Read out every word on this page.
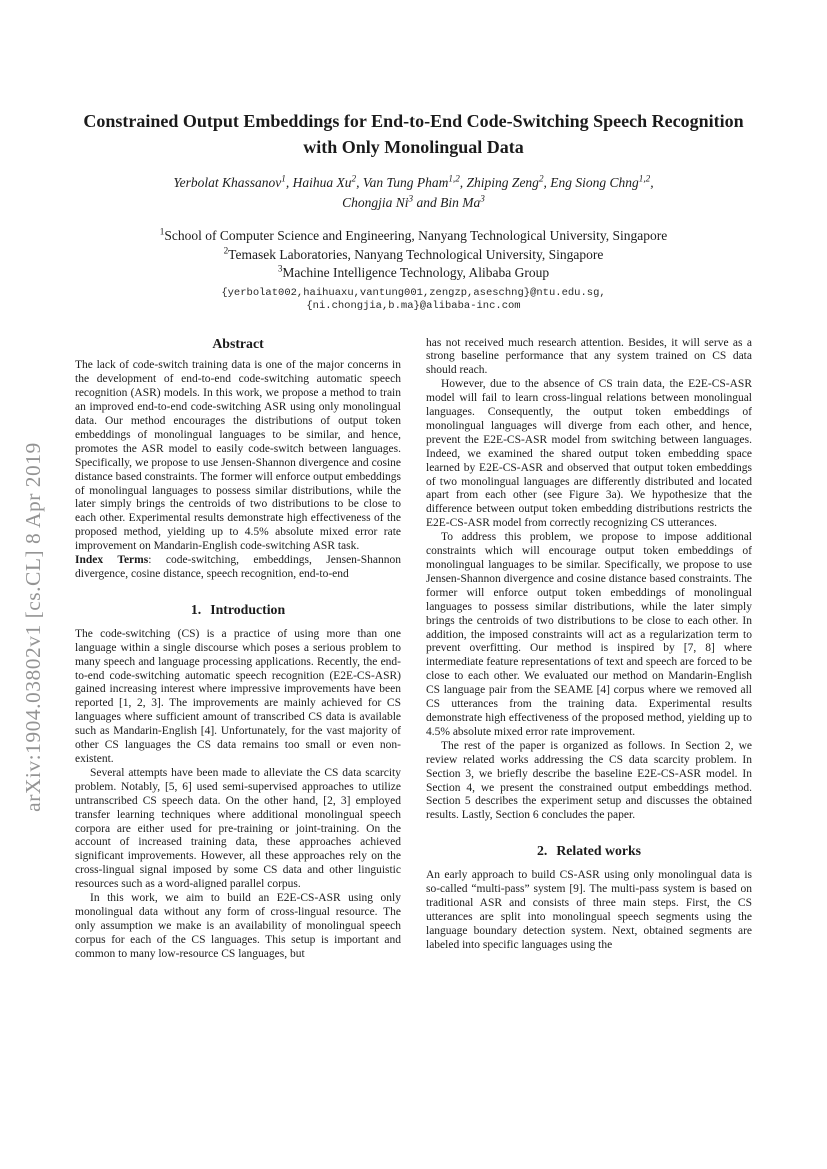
arXiv:1904.03802v1 [cs.CL] 8 Apr 2019
Constrained Output Embeddings for End-to-End Code-Switching Speech Recognition with Only Monolingual Data
Yerbolat Khassanov$^1$, Haihua Xu$^2$, Van Tung Pham$^{1,2}$, Zhiping Zeng$^2$, Eng Siong Chng$^{1,2}$,
Chongjia Ni$^3$ and Bin Ma$^3$
$^1$School of Computer Science and Engineering, Nanyang Technological University, Singapore
$^2$Temasek Laboratories, Nanyang Technological University, Singapore
$^3$Machine Intelligence Technology, Alibaba Group
{yerbolat002,haihuaxu,vantung001,zengzp,aseschng}@ntu.edu.sg,
{ni.chongjia,b.ma}@alibaba-inc.com
Abstract

The lack of code-switch training data is one of the major concerns in the development of end-to-end code-switching automatic speech recognition (ASR) models. In this work, we propose a method to train an improved end-to-end code-switching ASR using only monolingual data. Our method encourages the distributions of output token embeddings of monolingual languages to be similar, and hence, promotes the ASR model to easily code-switch between languages. Specifically, we propose to use Jensen-Shannon divergence and cosine distance based constraints. The former will enforce output embeddings of monolingual languages to possess similar distributions, while the later simply brings the centroids of two distributions to be close to each other. Experimental results demonstrate high effectiveness of the proposed method, yielding up to 4.5% absolute mixed error rate improvement on Mandarin-English code-switching ASR task.

Index Terms: code-switching, embeddings, Jensen-Shannon divergence, cosine distance, speech recognition, end-to-end

1. Introduction

The code-switching (CS) is a practice of using more than one language within a single discourse which poses a serious problem to many speech and language processing applications. Recently, the end-to-end code-switching automatic speech recognition (E2E-CS-ASR) gained increasing interest where impressive improvements have been reported [1, 2, 3]. The improvements are mainly achieved for CS languages where sufficient amount of transcribed CS data is available such as Mandarin-English [4]. Unfortunately, for the vast majority of other CS languages the CS data remains too small or even non-existent.

Several attempts have been made to alleviate the CS data scarcity problem. Notably, [5, 6] used semi-supervised approaches to utilize untranscribed CS speech data. On the other hand, [2, 3] employed transfer learning techniques where additional monolingual speech corpora are either used for pre-training or joint-training. On the account of increased training data, these approaches achieved significant improvements. However, all these approaches rely on the cross-lingual signal imposed by some CS data and other linguistic resources such as a word-aligned parallel corpus.

In this work, we aim to build an E2E-CS-ASR using only monolingual data without any form of cross-lingual resource. The only assumption we make is an availability of monolingual speech corpus for each of the CS languages. This setup is important and common to many low-resource CS languages, but

has not received much research attention. Besides, it will serve as a strong baseline performance that any system trained on CS data should reach.

However, due to the absence of CS train data, the E2E-CS-ASR model will fail to learn cross-lingual relations between monolingual languages. Consequently, the output token embeddings of monolingual languages will diverge from each other, and hence, prevent the E2E-CS-ASR model from switching between languages. Indeed, we examined the shared output token embedding space learned by E2E-CS-ASR and observed that output token embeddings of two monolingual languages are differently distributed and located apart from each other (see Figure 3a). We hypothesize that the difference between output token embedding distributions restricts the E2E-CS-ASR model from correctly recognizing CS utterances.

To address this problem, we propose to impose additional constraints which will encourage output token embeddings of monolingual languages to be similar. Specifically, we propose to use Jensen-Shannon divergence and cosine distance based constraints. The former will enforce output token embeddings of monolingual languages to possess similar distributions, while the later simply brings the centroids of two distributions to be close to each other. In addition, the imposed constraints will act as a regularization term to prevent overfitting. Our method is inspired by [7, 8] where intermediate feature representations of text and speech are forced to be close to each other. We evaluated our method on Mandarin-English CS language pair from the SEAME [4] corpus where we removed all CS utterances from the training data. Experimental results demonstrate high effectiveness of the proposed method, yielding up to 4.5% absolute mixed error rate improvement.

The rest of the paper is organized as follows. In Section 2, we review related works addressing the CS data scarcity problem. In Section 3, we briefly describe the baseline E2E-CS-ASR model. In Section 4, we present the constrained output embeddings method. Section 5 describes the experiment setup and discusses the obtained results. Lastly, Section 6 concludes the paper.

2. Related works

An early approach to build CS-ASR using only monolingual data is so-called “multi-pass” system [9]. The multi-pass system is based on traditional ASR and consists of three main steps. First, the CS utterances are split into monolingual speech segments using the language boundary detection system. Next, obtained segments are labeled into specific languages using the
